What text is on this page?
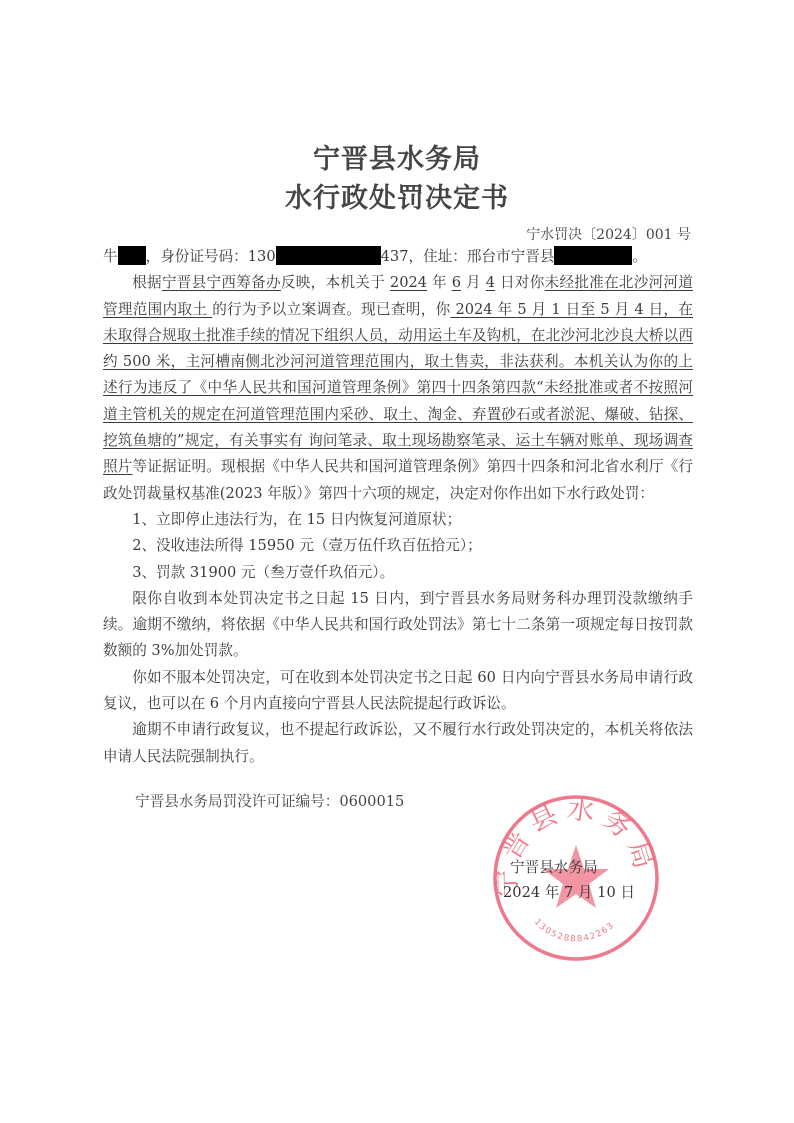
宁晋县水务局
水行政处罚决定书
宁水罚决〔2024〕001 号

牛 ，身份证号码：130	437，住址：邢台市宁晋县	。

根据宁晋县宁西筹备办反映，本机关于 2024 年 6 月 4 日对你未经批准在北沙河河道管理范围内取土 的行为予以立案调查。现已查明，你 2024 年 5 月 1 日至 5 月 4 日，在未取得合规取土批准手续的情况下组织人员，动用运土车及钩机，在北沙河北沙良大桥以西约 500 米，主河槽南侧北沙河河道管理范围内，取土售卖，非法获利。本机关认为你的上述行为违反了《中华人民共和国河道管理条例》第四十四条第四款“未经批准或者不按照河道主管机关的规定在河道管理范围内采砂、取土、淘金、弃置砂石或者淤泥、爆破、钻探、挖筑鱼塘的”规定，有关事实有 询问笔录、取土现场勘察笔录、运土车辆对账单、现场调查照片等证据证明。现根据《中华人民共和国河道管理条例》第四十四条和河北省水利厅《行政处罚裁量权基准(2023 年版）》第四十六项的规定，决定对你作出如下水行政处罚：

1、立即停止违法行为，在 15 日内恢复河道原状；

2、没收违法所得 15950 元（壹万伍仟玖百伍拾元）；

3、罚款 31900 元（叁万壹仟玖佰元）。

限你自收到本处罚决定书之日起 15 日内，到宁晋县水务局财务科办理罚没款缴纳手续。逾期不缴纳，将依据《中华人民共和国行政处罚法》第七十二条第一项规定每日按罚款数额的 3%加处罚款。

你如不服本处罚决定，可在收到本处罚决定书之日起 60 日内向宁晋县水务局申请行政复议，也可以在 6 个月内直接向宁晋县人民法院提起行政诉讼。

逾期不申请行政复议，也不提起行政诉讼，又不履行水行政处罚决定的，本机关将依法申请人民法院强制执行。

宁晋县水务局罚没许可证编号：0600015
宁晋县水务局
1305288842263
宁晋县水务局
2024 年 7 月 10 日
